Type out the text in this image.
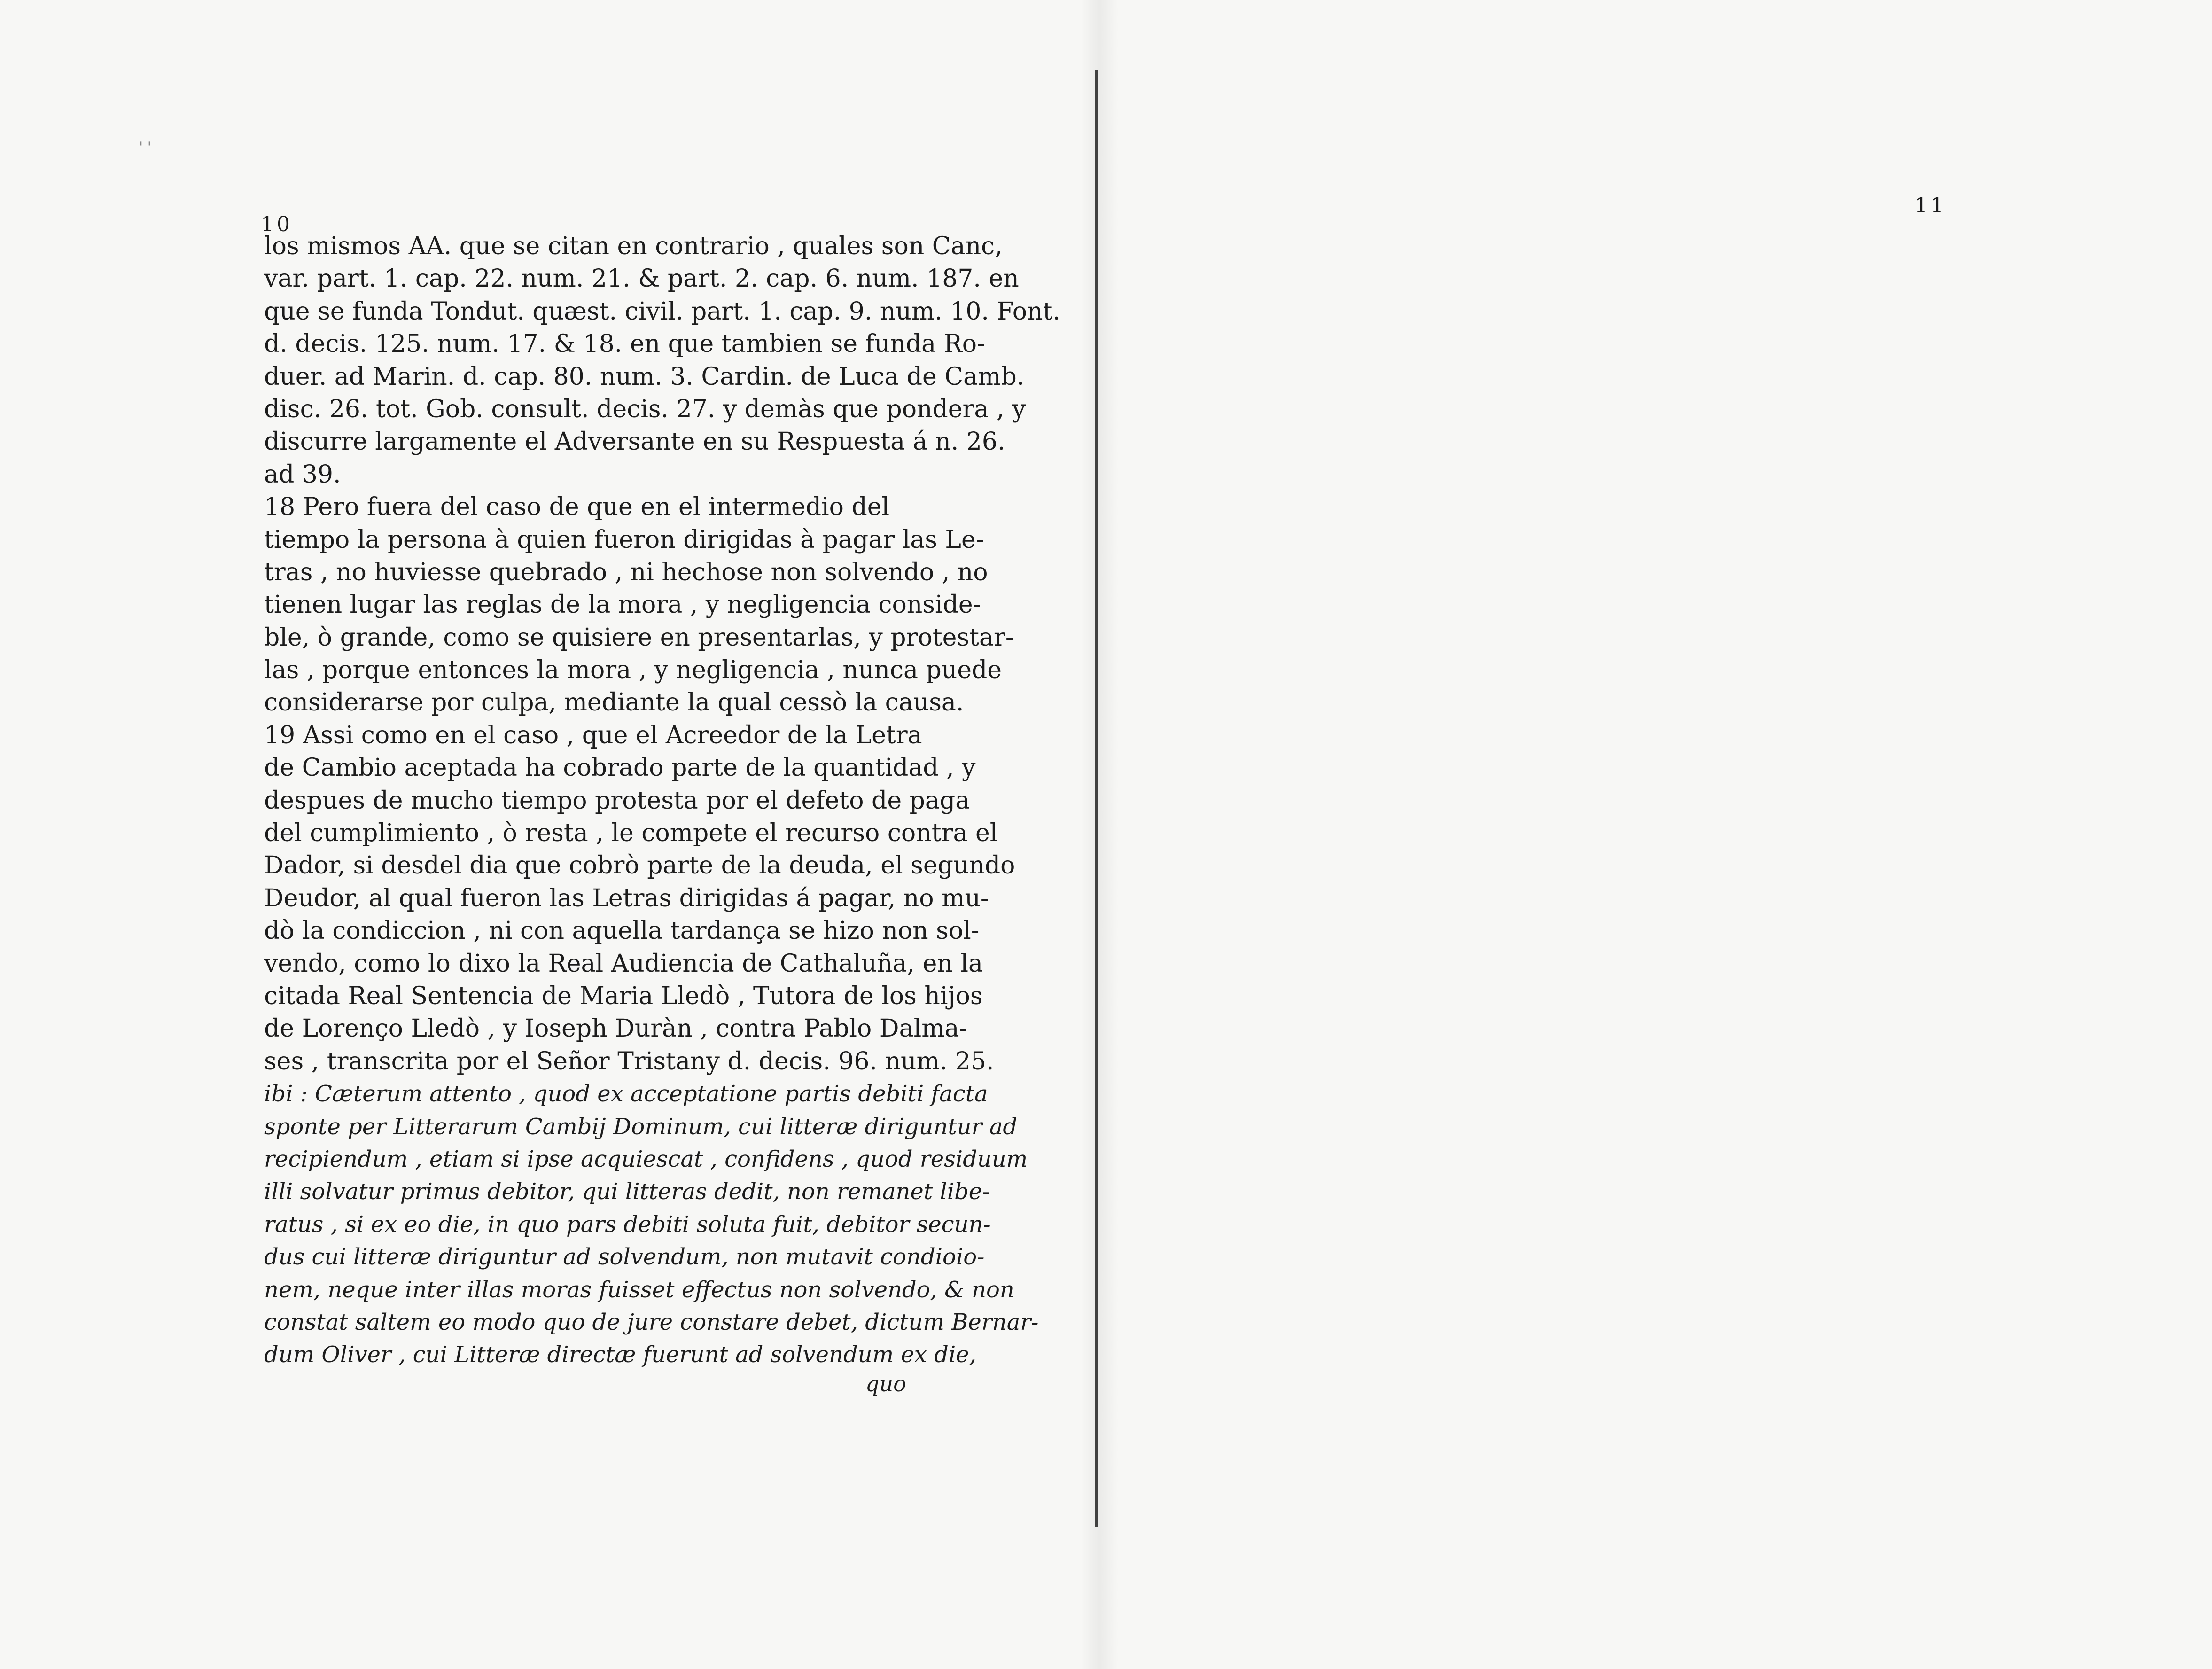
' '
10
los mismos AA. que se citan en contrario , quales son Canc,
var. part. 1. cap. 22. num. 21. & part. 2. cap. 6. num. 187. en
que se funda Tondut. quæst. civil. part. 1. cap. 9. num. 10. Font.
d. decis. 125. num. 17. & 18. en que tambien se funda Ro-
duer. ad Marin. d. cap. 80. num. 3. Cardin. de Luca de Camb.
disc. 26. tot. Gob. consult. decis. 27. y demàs que pondera , y
discurre largamente el Adversante en su Respuesta á n. 26.
ad 39.
18 Pero fuera del caso de que en el intermedio del
tiempo la persona à quien fueron dirigidas à pagar las Le-
tras , no huviesse quebrado , ni hechose non solvendo , no
tienen lugar las reglas de la mora , y negligencia conside-
ble, ò grande, como se quisiere en presentarlas, y protestar-
las , porque entonces la mora , y negligencia , nunca puede
considerarse por culpa, mediante la qual cessò la causa.
19 Assi como en el caso , que el Acreedor de la Letra
de Cambio aceptada ha cobrado parte de la quantidad , y
despues de mucho tiempo protesta por el defeto de paga
del cumplimiento , ò resta , le compete el recurso contra el
Dador, si desdel dia que cobrò parte de la deuda, el segundo
Deudor, al qual fueron las Letras dirigidas á pagar, no mu-
dò la condiccion , ni con aquella tardança se hizo non sol-
vendo, como lo dixo la Real Audiencia de Cathaluña, en la
citada Real Sentencia de Maria Lledò , Tutora de los hijos
de Lorenço Lledò , y Ioseph Duràn , contra Pablo Dalma-
ses , transcrita por el Señor Tristany d. decis. 96. num. 25.
ibi : Cæterum attento , quod ex acceptatione partis debiti facta
sponte per Litterarum Cambij Dominum, cui litteræ diriguntur ad
recipiendum , etiam si ipse acquiescat , confidens , quod residuum
illi solvatur primus debitor, qui litteras dedit, non remanet libe-
ratus , si ex eo die, in quo pars debiti soluta fuit, debitor secun-
dus cui litteræ diriguntur ad solvendum, non mutavit condioio-
nem, neque inter illas moras fuisset effectus non solvendo, & non
constat saltem eo modo quo de jure constare debet, dictum Bernar-
dum Oliver , cui Litteræ directæ fuerunt ad solvendum ex die,
quo
11
